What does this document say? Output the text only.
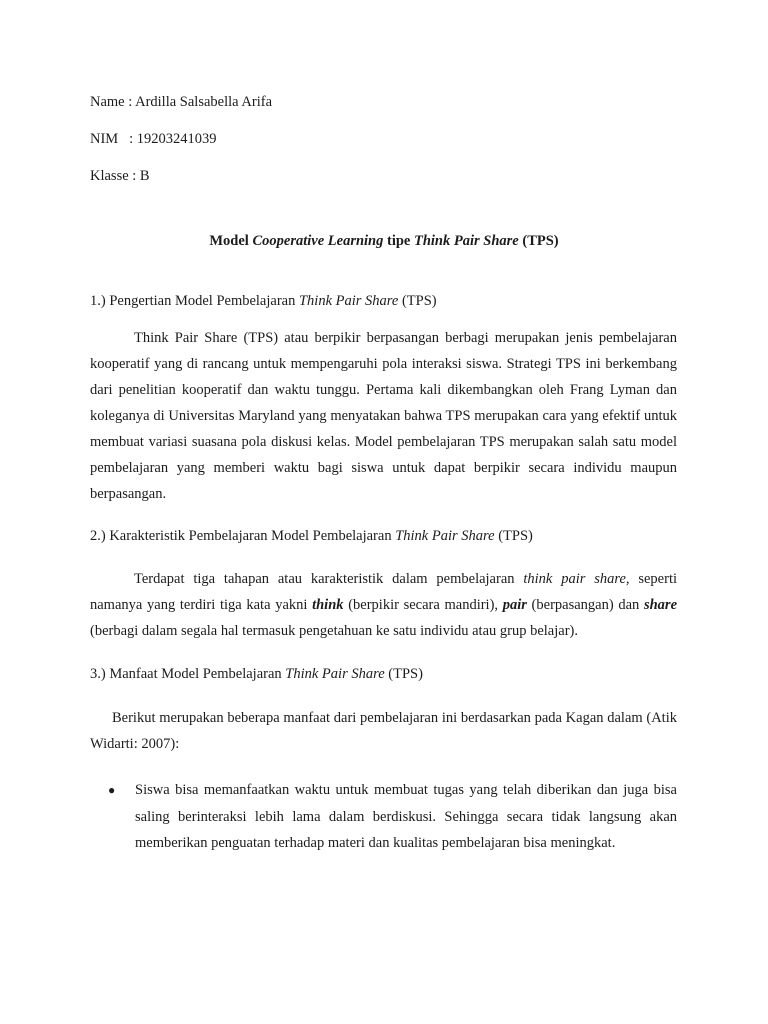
Name : Ardilla Salsabella Arifa

NIM   : 19203241039

Klasse : B

Model Cooperative Learning tipe Think Pair Share (TPS)

1.) Pengertian Model Pembelajaran Think Pair Share (TPS)

Think Pair Share (TPS) atau berpikir berpasangan berbagi merupakan jenis pembelajaran kooperatif yang di rancang untuk mempengaruhi pola interaksi siswa. Strategi TPS ini berkembang dari penelitian kooperatif dan waktu tunggu. Pertama kali dikembangkan oleh Frang Lyman dan koleganya di Universitas Maryland yang menyatakan bahwa TPS merupakan cara yang efektif untuk membuat variasi suasana pola diskusi kelas. Model pembelajaran TPS merupakan salah satu model pembelajaran yang memberi waktu bagi siswa untuk dapat berpikir secara individu maupun berpasangan.

2.) Karakteristik Pembelajaran Model Pembelajaran Think Pair Share (TPS)

Terdapat tiga tahapan atau karakteristik dalam pembelajaran think pair share, seperti namanya yang terdiri tiga kata yakni think (berpikir secara mandiri), pair (berpasangan) dan share (berbagi dalam segala hal termasuk pengetahuan ke satu individu atau grup belajar).

3.) Manfaat Model Pembelajaran Think Pair Share (TPS)

Berikut merupakan beberapa manfaat dari pembelajaran ini berdasarkan pada Kagan dalam (Atik Widarti: 2007):

● Siswa bisa memanfaatkan waktu untuk membuat tugas yang telah diberikan dan juga bisa saling berinteraksi lebih lama dalam berdiskusi. Sehingga secara tidak langsung akan memberikan penguatan terhadap materi dan kualitas pembelajaran bisa meningkat.
